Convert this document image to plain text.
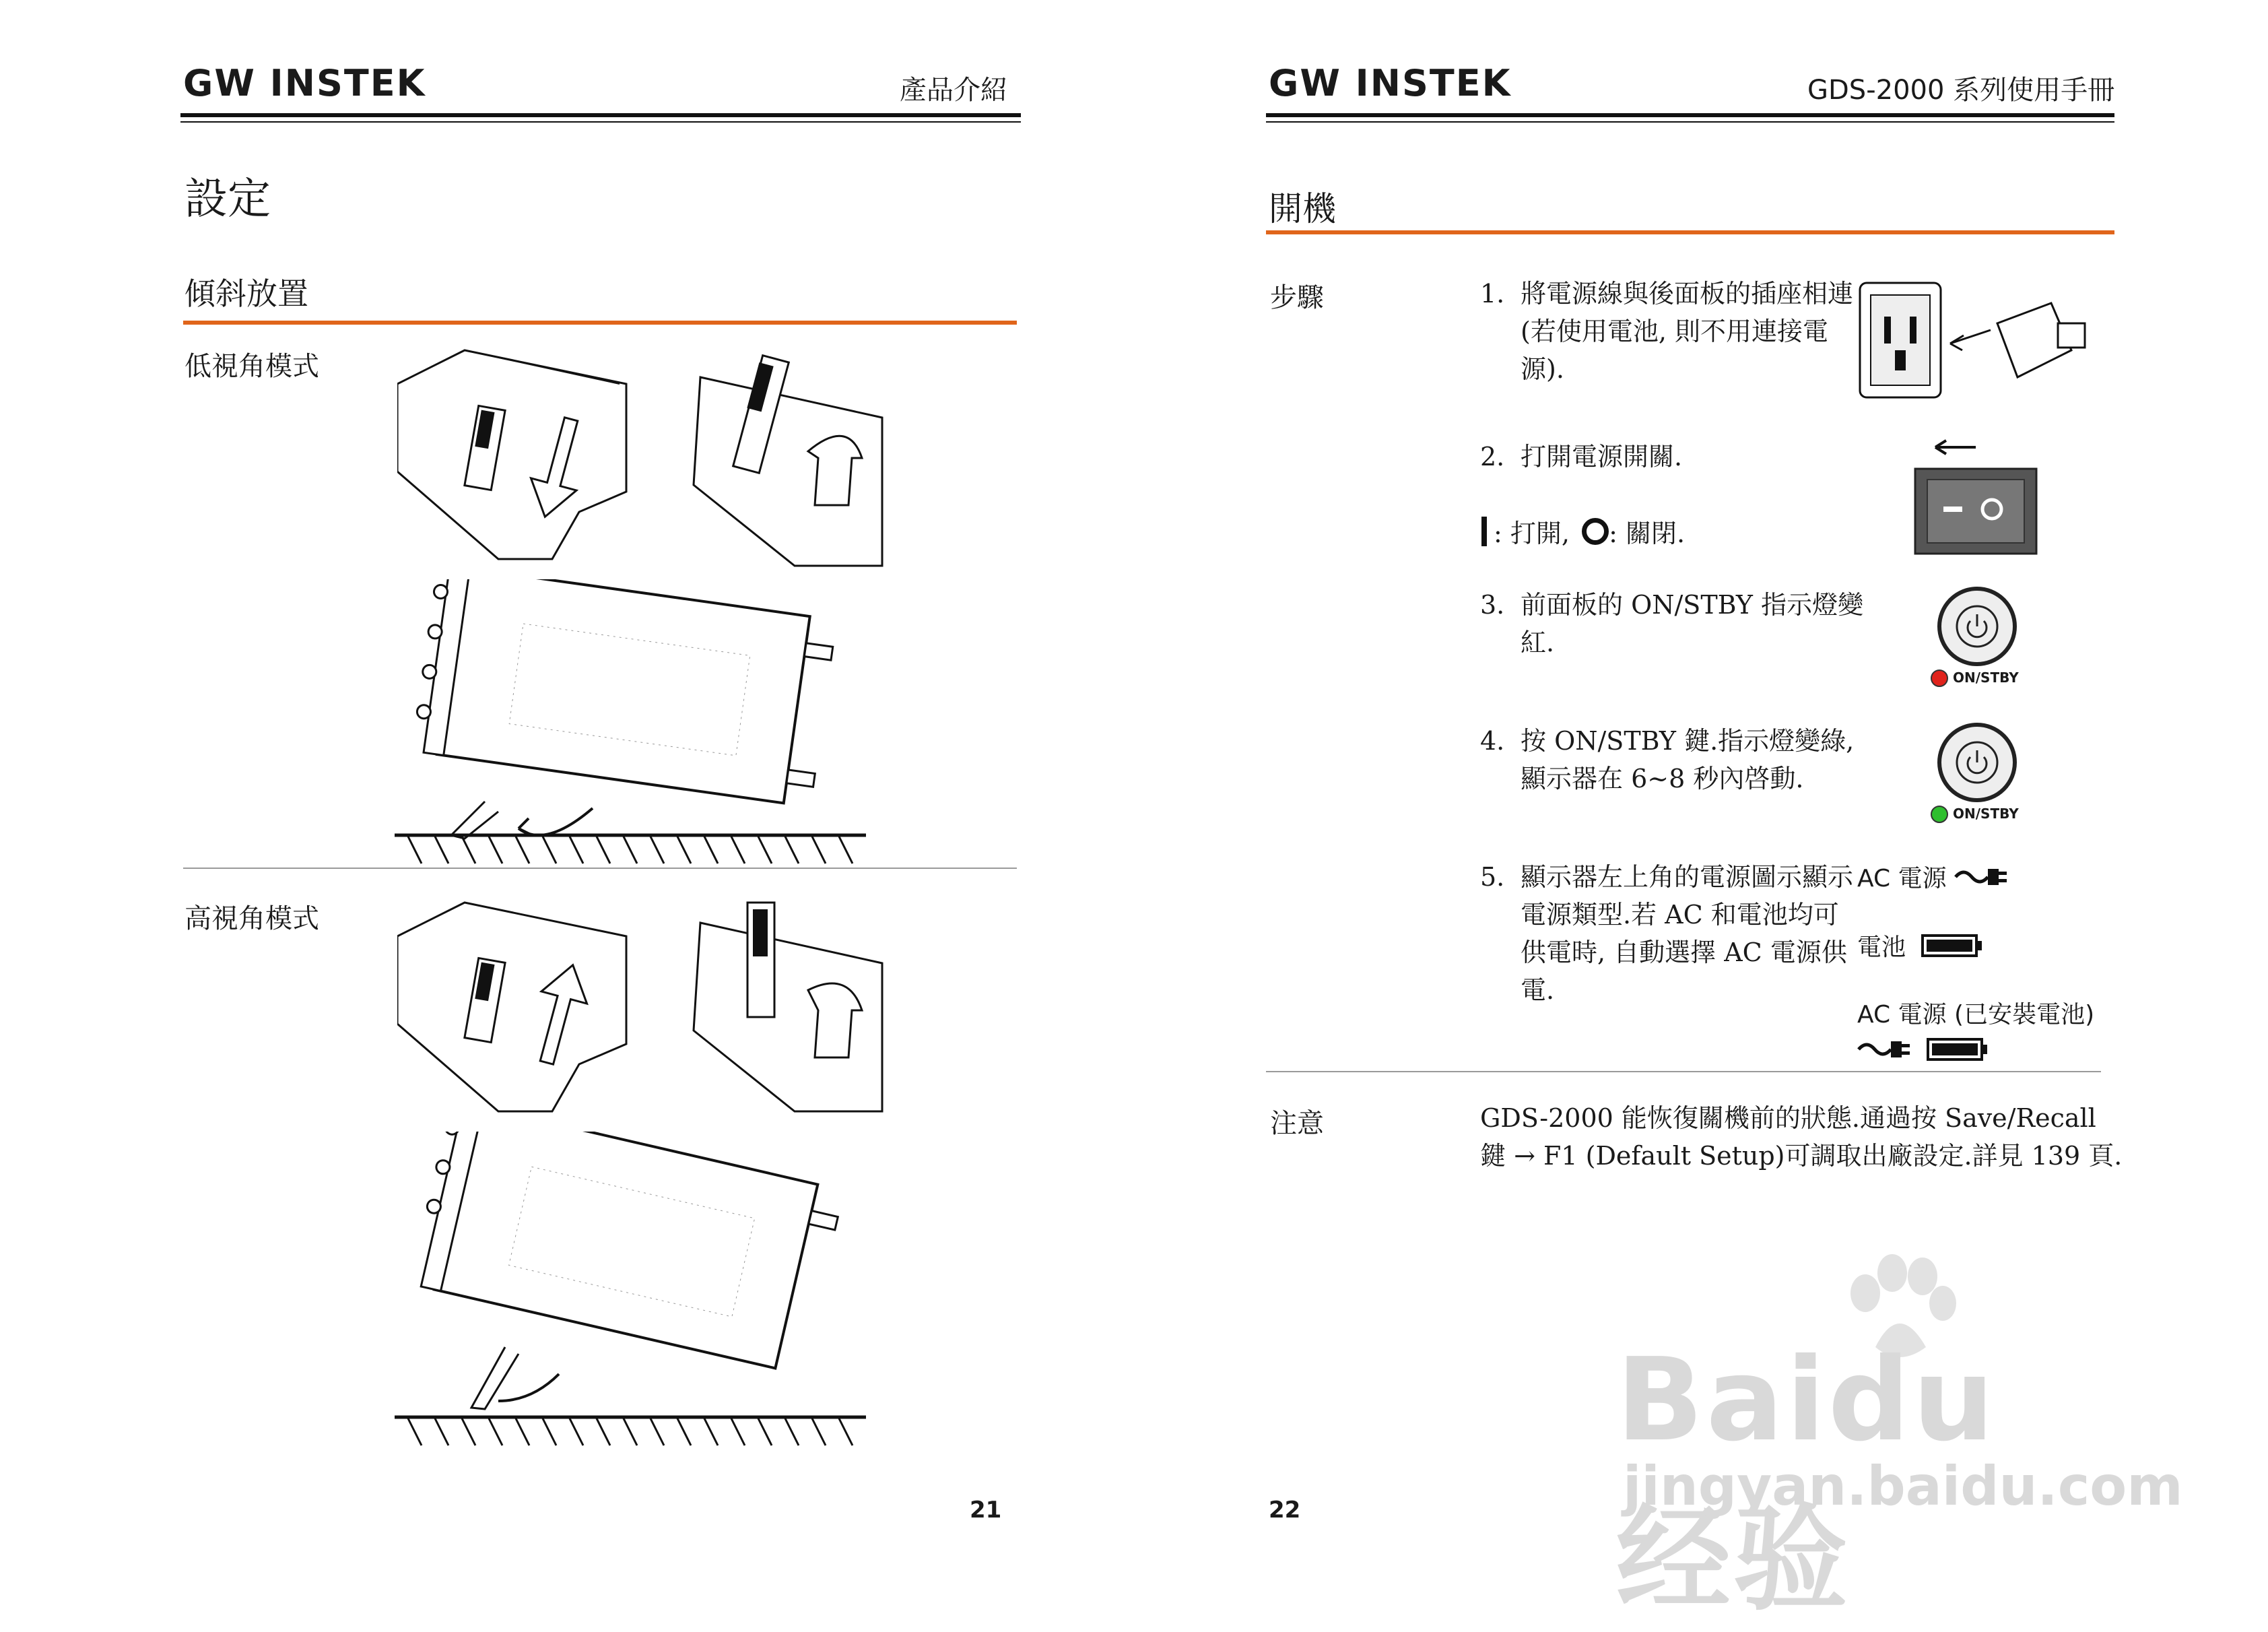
GW INSTEK	產品介紹
設定
傾斜放置
低視角模式
高視角模式
21
GW INSTEK	GDS-2000 系列使用手冊
開機
步驟	1. 將電源線與後面板的插座相連 (若使用電池, 則不用連接電源).
2. 打開電源開關.
: 打開, : 關閉.
3. 前面板的 ON/STBY 指示燈變紅.
ON/STBY
4. 按 ON/STBY 鍵.指示燈變綠, 顯示器在 6~8 秒內啓動.
ON/STBY
5. 顯示器左上角的電源圖示顯示電源類型.若 AC 和電池均可供電時, 自動選擇 AC 電源供電.
AC 電源
電池
AC 電源 (已安裝電池)
注意	GDS-2000 能恢復關機前的狀態.通過按 Save/Recall 鍵 → F1 (Default Setup)可調取出廠設定.詳見 139 頁.
22
Baidu 经验
jingyan.baidu.com
